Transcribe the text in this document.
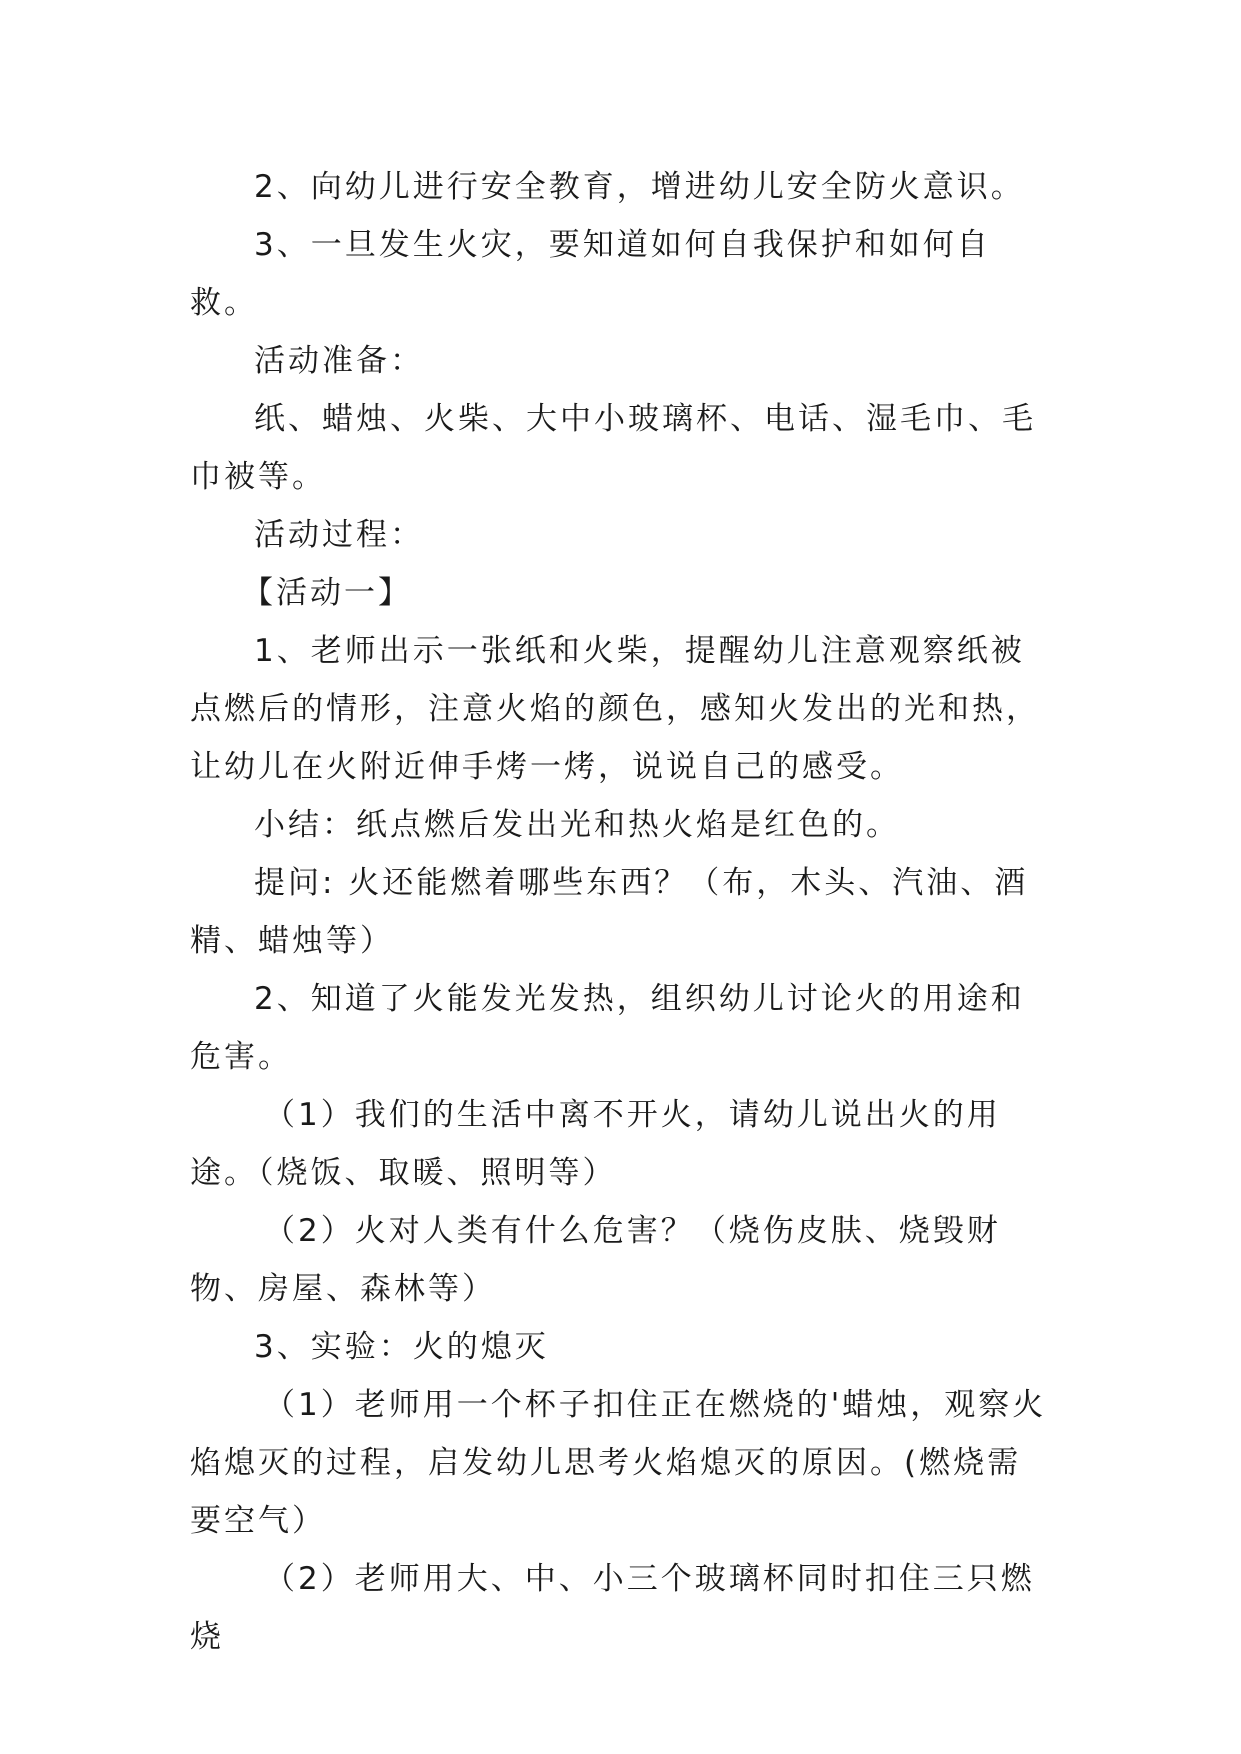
2、向幼儿进行安全教育，增进幼儿安全防火意识。

3、一旦发生火灾，要知道如何自我保护和如何自救。

活动准备：

纸、蜡烛、火柴、大中小玻璃杯、电话、湿毛巾、毛巾被等。

活动过程：

【活动一】

1、老师出示一张纸和火柴，提醒幼儿注意观察纸被点燃后的情形，注意火焰的颜色，感知火发出的光和热，让幼儿在火附近伸手烤一烤，说说自己的感受。

小结：纸点燃后发出光和热火焰是红色的。

提问: 火还能燃着哪些东西？（布，木头、汽油、酒精、蜡烛等）

2、知道了火能发光发热，组织幼儿讨论火的用途和危害。

（1）我们的生活中离不开火，请幼儿说出火的用途。（烧饭、取暖、照明等）

（2）火对人类有什么危害？（烧伤皮肤、烧毁财物、房屋、森林等）

3、实验：火的熄灭

（1）老师用一个杯子扣住正在燃烧的'蜡烛，观察火焰熄灭的过程，启发幼儿思考火焰熄灭的原因。(燃烧需要空气）

（2）老师用大、中、小三个玻璃杯同时扣住三只燃烧
